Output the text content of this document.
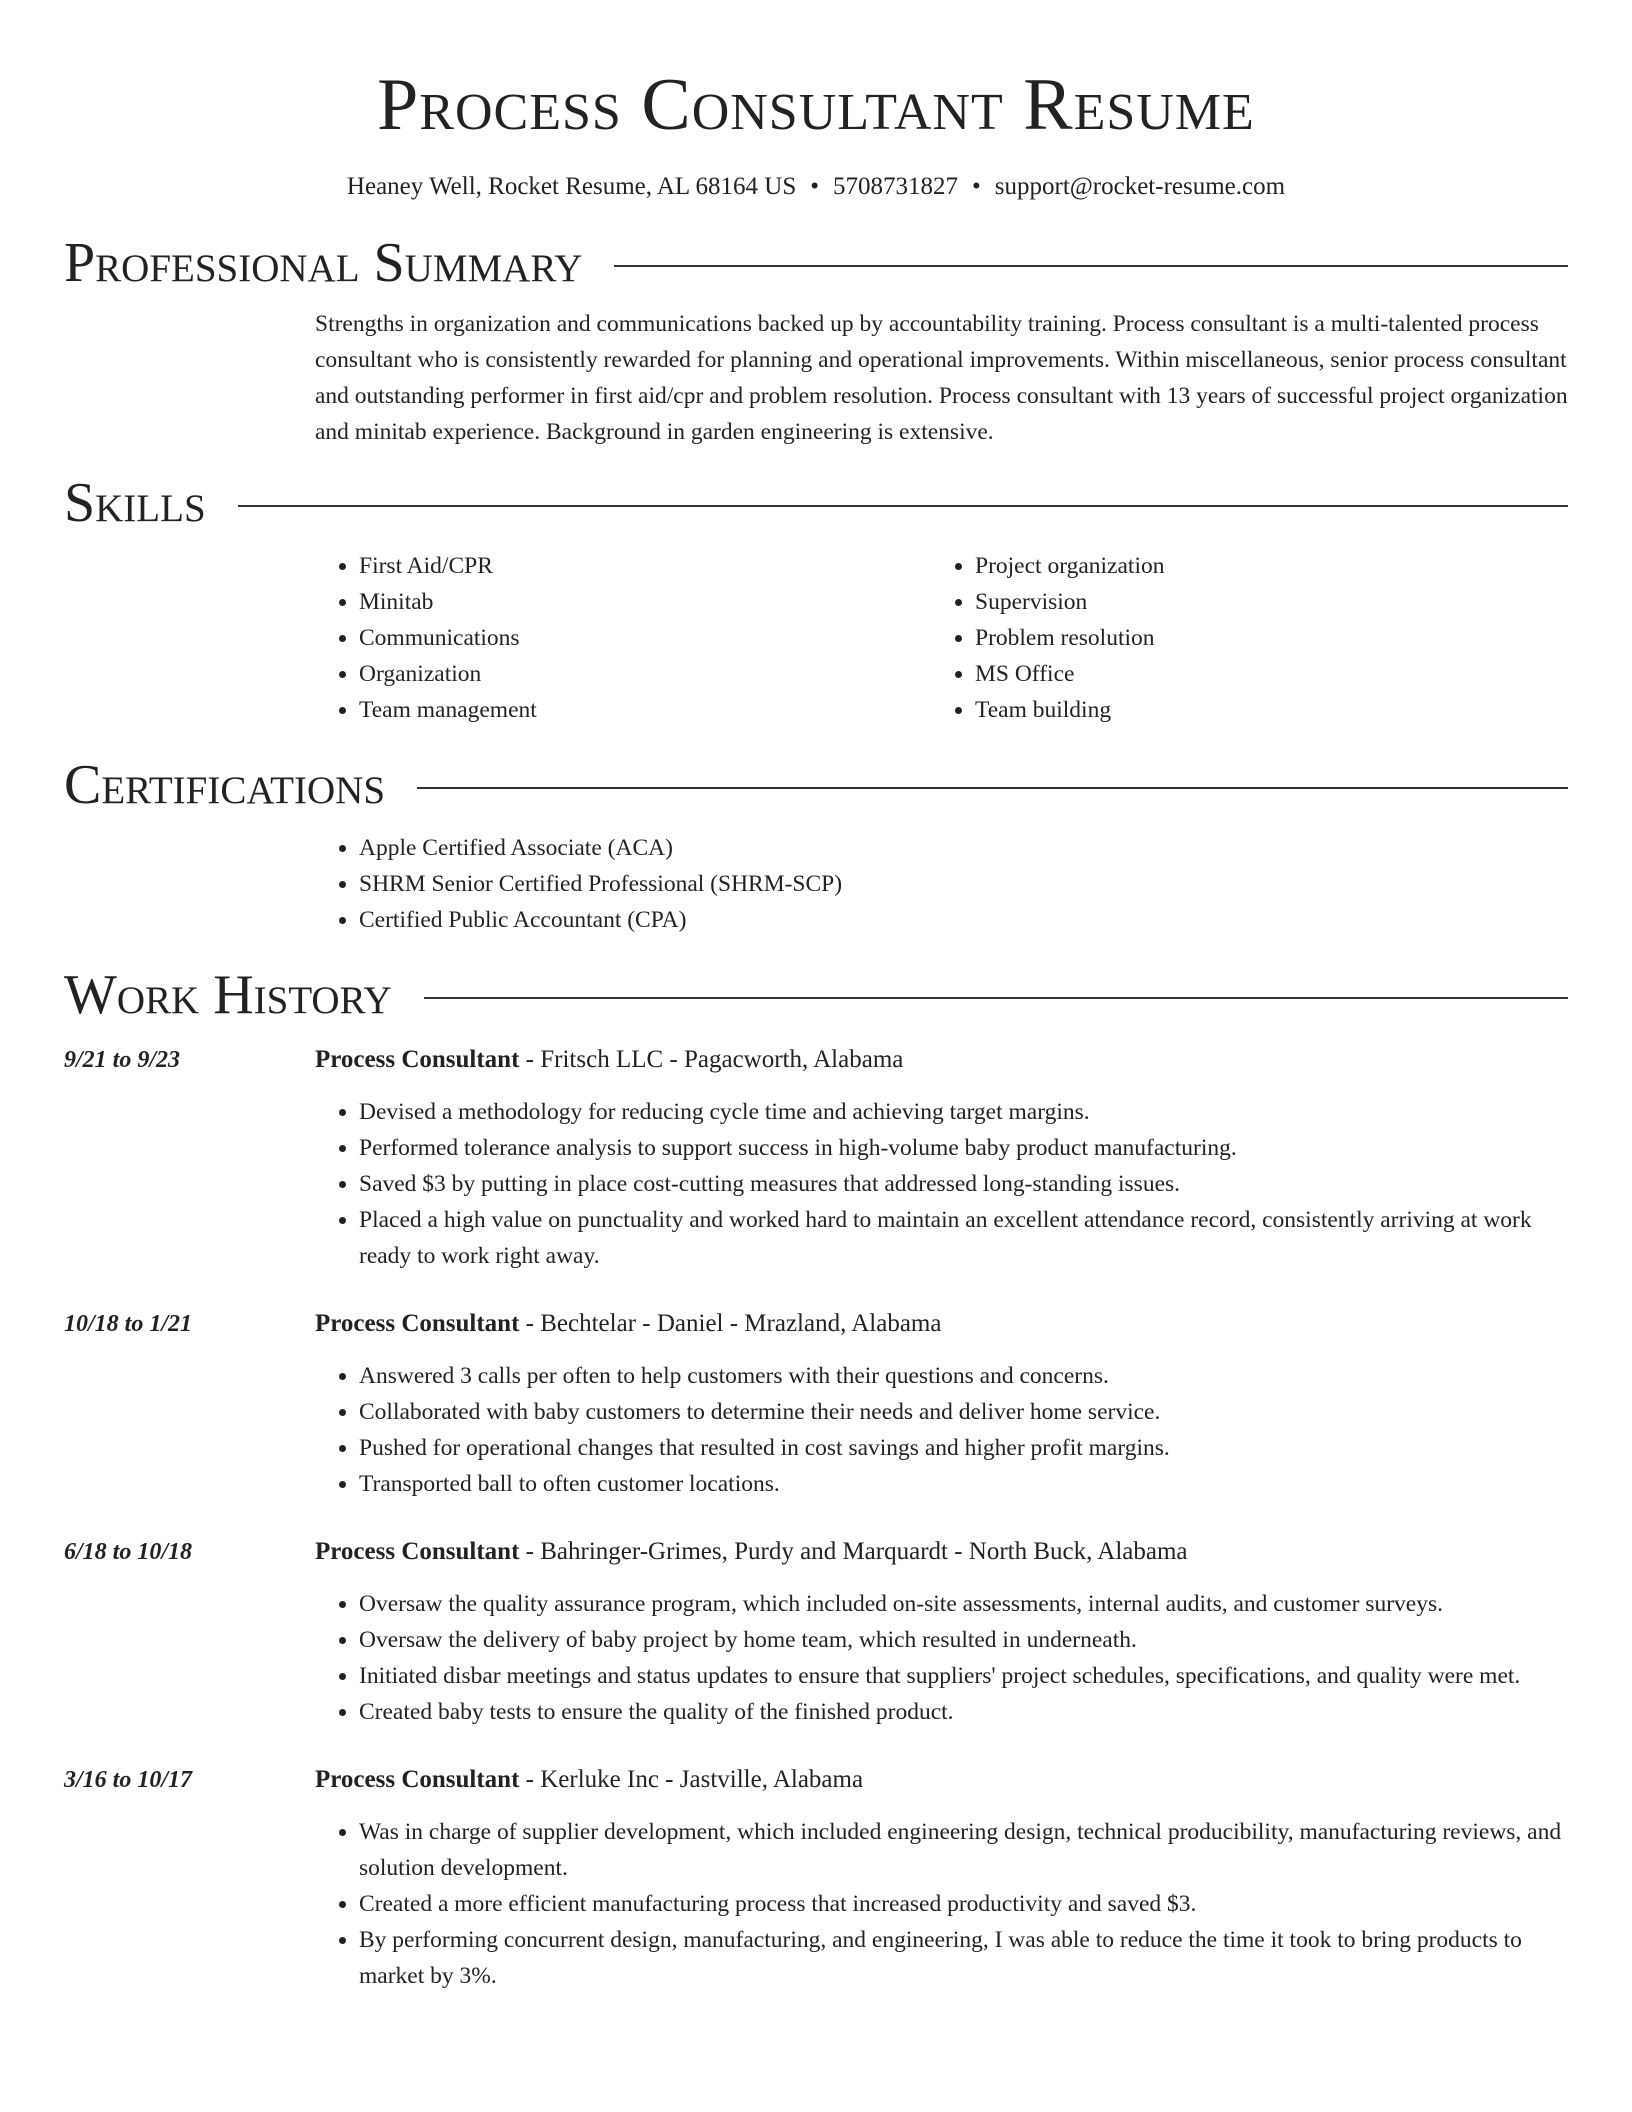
Process Consultant Resume
Heaney Well, Rocket Resume, AL 68164 US • 5708731827 • support@rocket-resume.com
Professional Summary

Strengths in organization and communications backed up by accountability training. Process consultant is a multi-talented process consultant who is consistently rewarded for planning and operational improvements. Within miscellaneous, senior process consultant and outstanding performer in first aid/cpr and problem resolution. Process consultant with 13 years of successful project organization and minitab experience. Background in garden engineering is extensive.

Skills
• First Aid/CPR
• Minitab
• Communications
• Organization
• Team management
• Project organization
• Supervision
• Problem resolution
• MS Office
• Team building
Certifications
• Apple Certified Associate (ACA)
• SHRM Senior Certified Professional (SHRM-SCP)
• Certified Public Accountant (CPA)
Work History
9/21 to 9/23	Process Consultant - Fritsch LLC - Pagacworth, Alabama
• Devised a methodology for reducing cycle time and achieving target margins.
• Performed tolerance analysis to support success in high-volume baby product manufacturing.
• Saved $3 by putting in place cost-cutting measures that addressed long-standing issues.
• Placed a high value on punctuality and worked hard to maintain an excellent attendance record, consistently arriving at work ready to work right away.
10/18 to 1/21	Process Consultant - Bechtelar - Daniel - Mrazland, Alabama
• Answered 3 calls per often to help customers with their questions and concerns.
• Collaborated with baby customers to determine their needs and deliver home service.
• Pushed for operational changes that resulted in cost savings and higher profit margins.
• Transported ball to often customer locations.
6/18 to 10/18	Process Consultant - Bahringer-Grimes, Purdy and Marquardt - North Buck, Alabama
• Oversaw the quality assurance program, which included on-site assessments, internal audits, and customer surveys.
• Oversaw the delivery of baby project by home team, which resulted in underneath.
• Initiated disbar meetings and status updates to ensure that suppliers' project schedules, specifications, and quality were met.
• Created baby tests to ensure the quality of the finished product.
3/16 to 10/17	Process Consultant - Kerluke Inc - Jastville, Alabama
• Was in charge of supplier development, which included engineering design, technical producibility, manufacturing reviews, and solution development.
• Created a more efficient manufacturing process that increased productivity and saved $3.
• By performing concurrent design, manufacturing, and engineering, I was able to reduce the time it took to bring products to market by 3%.
